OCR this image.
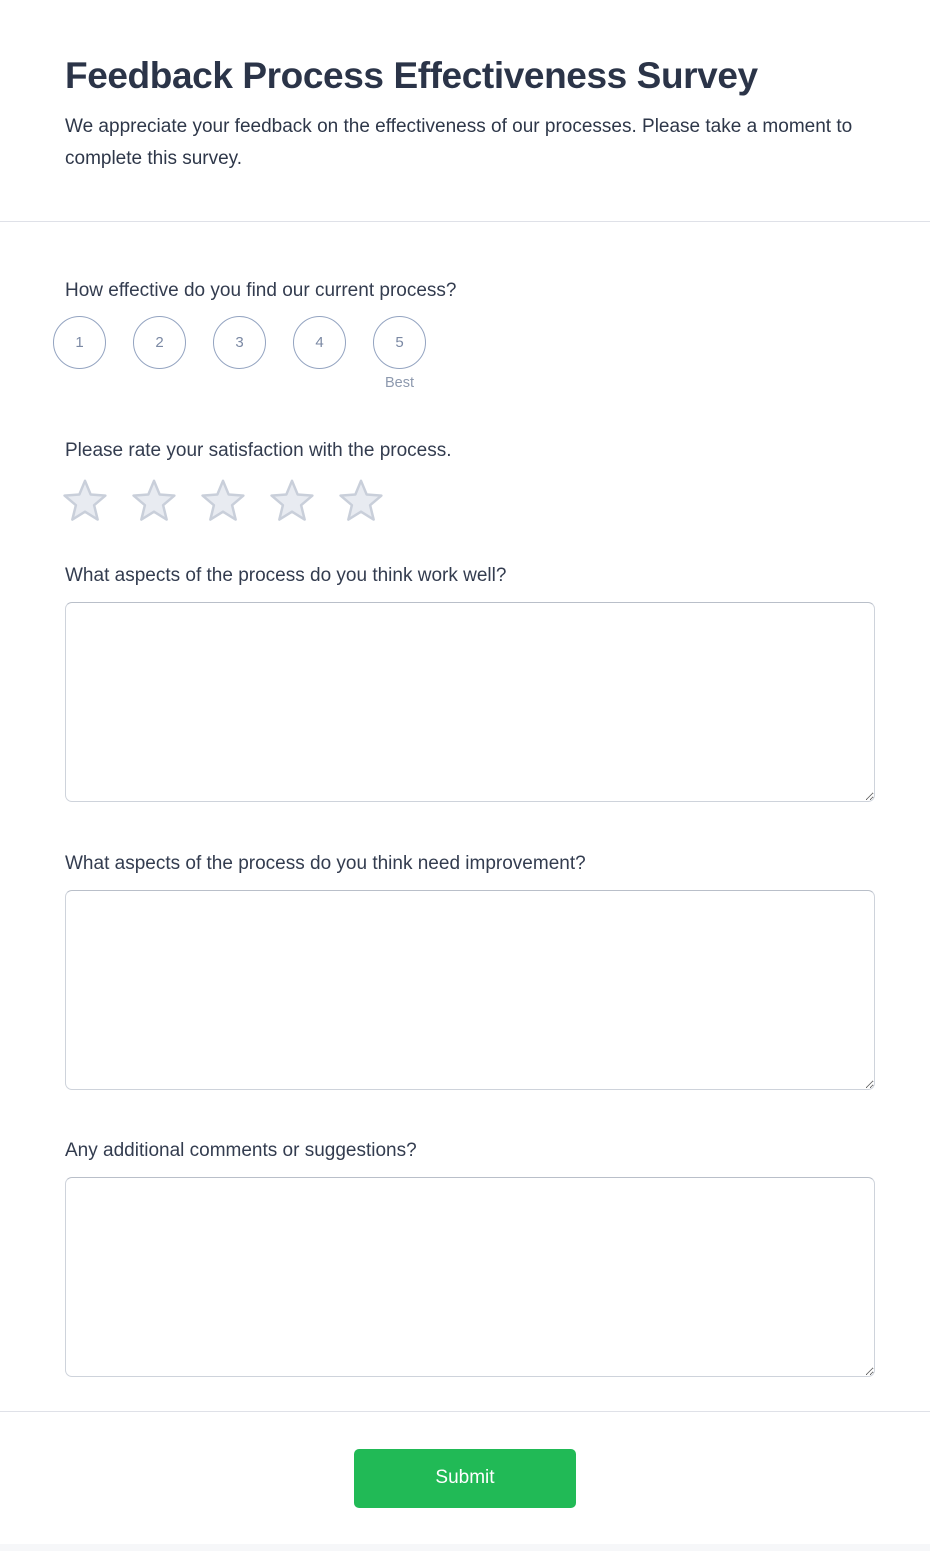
Feedback Process Effectiveness Survey

We appreciate your feedback on the effectiveness of our processes. Please take a moment to complete this survey.

How effective do you find our current process?
1	2	3	4	5
Best
Please rate your satisfaction with the process.
What aspects of the process do you think work well?
What aspects of the process do you think need improvement?
Any additional comments or suggestions?
Submit
